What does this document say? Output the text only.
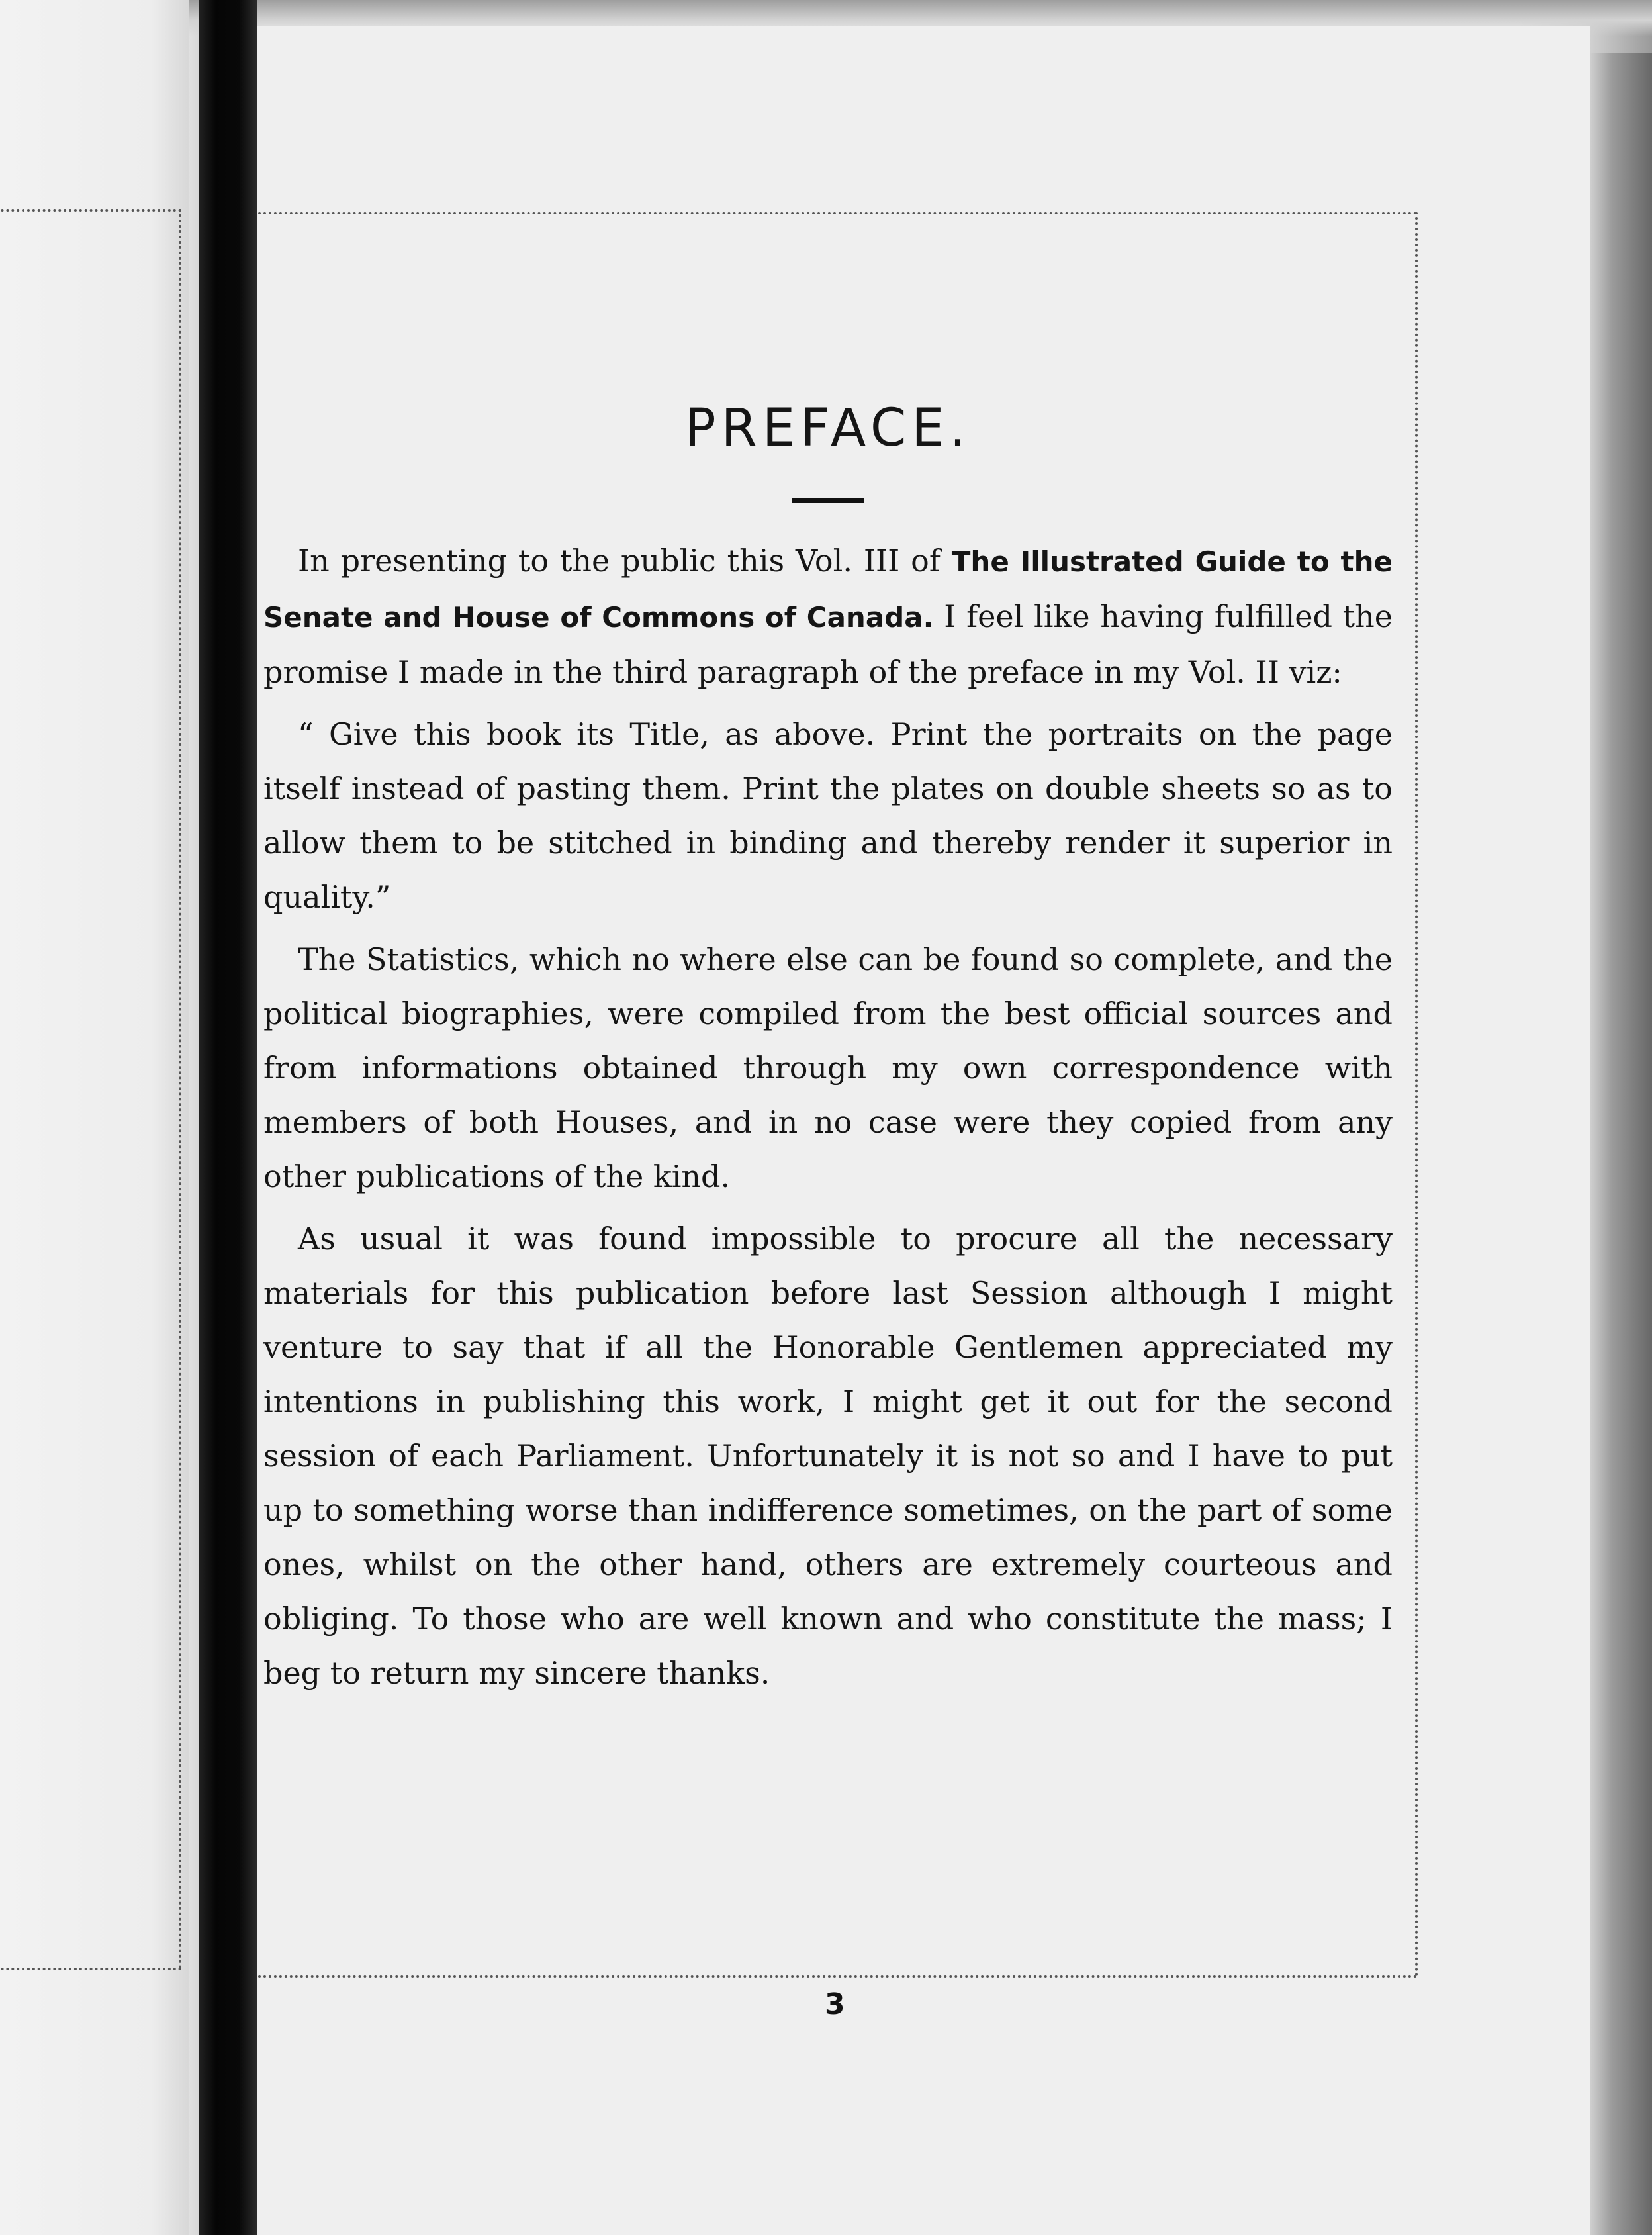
PREFACE.

In presenting to the public this Vol. III of The Illustrated Guide to the Senate and House of Commons of Canada. I feel like having fulfilled the promise I made in the third paragraph of the preface in my Vol. II viz:

“ Give this book its Title, as above. Print the portraits on the page itself instead of pasting them. Print the plates on double sheets so as to allow them to be stitched in binding and thereby render it superior in quality.”

The Statistics, which no where else can be found so complete, and the political biographies, were compiled from the best official sources and from informations obtained through my own correspondence with members of both Houses, and in no case were they copied from any other publications of the kind.

As usual it was found impossible to procure all the necessary materials for this publication before last Session although I might venture to say that if all the Honorable Gentlemen appreciated my intentions in publishing this work, I might get it out for the second session of each Parliament. Unfortunately it is not so and I have to put up to something worse than indifference sometimes, on the part of some ones, whilst on the other hand, others are extremely courteous and obliging. To those who are well known and who constitute the mass; I beg to return my sincere thanks.

3
